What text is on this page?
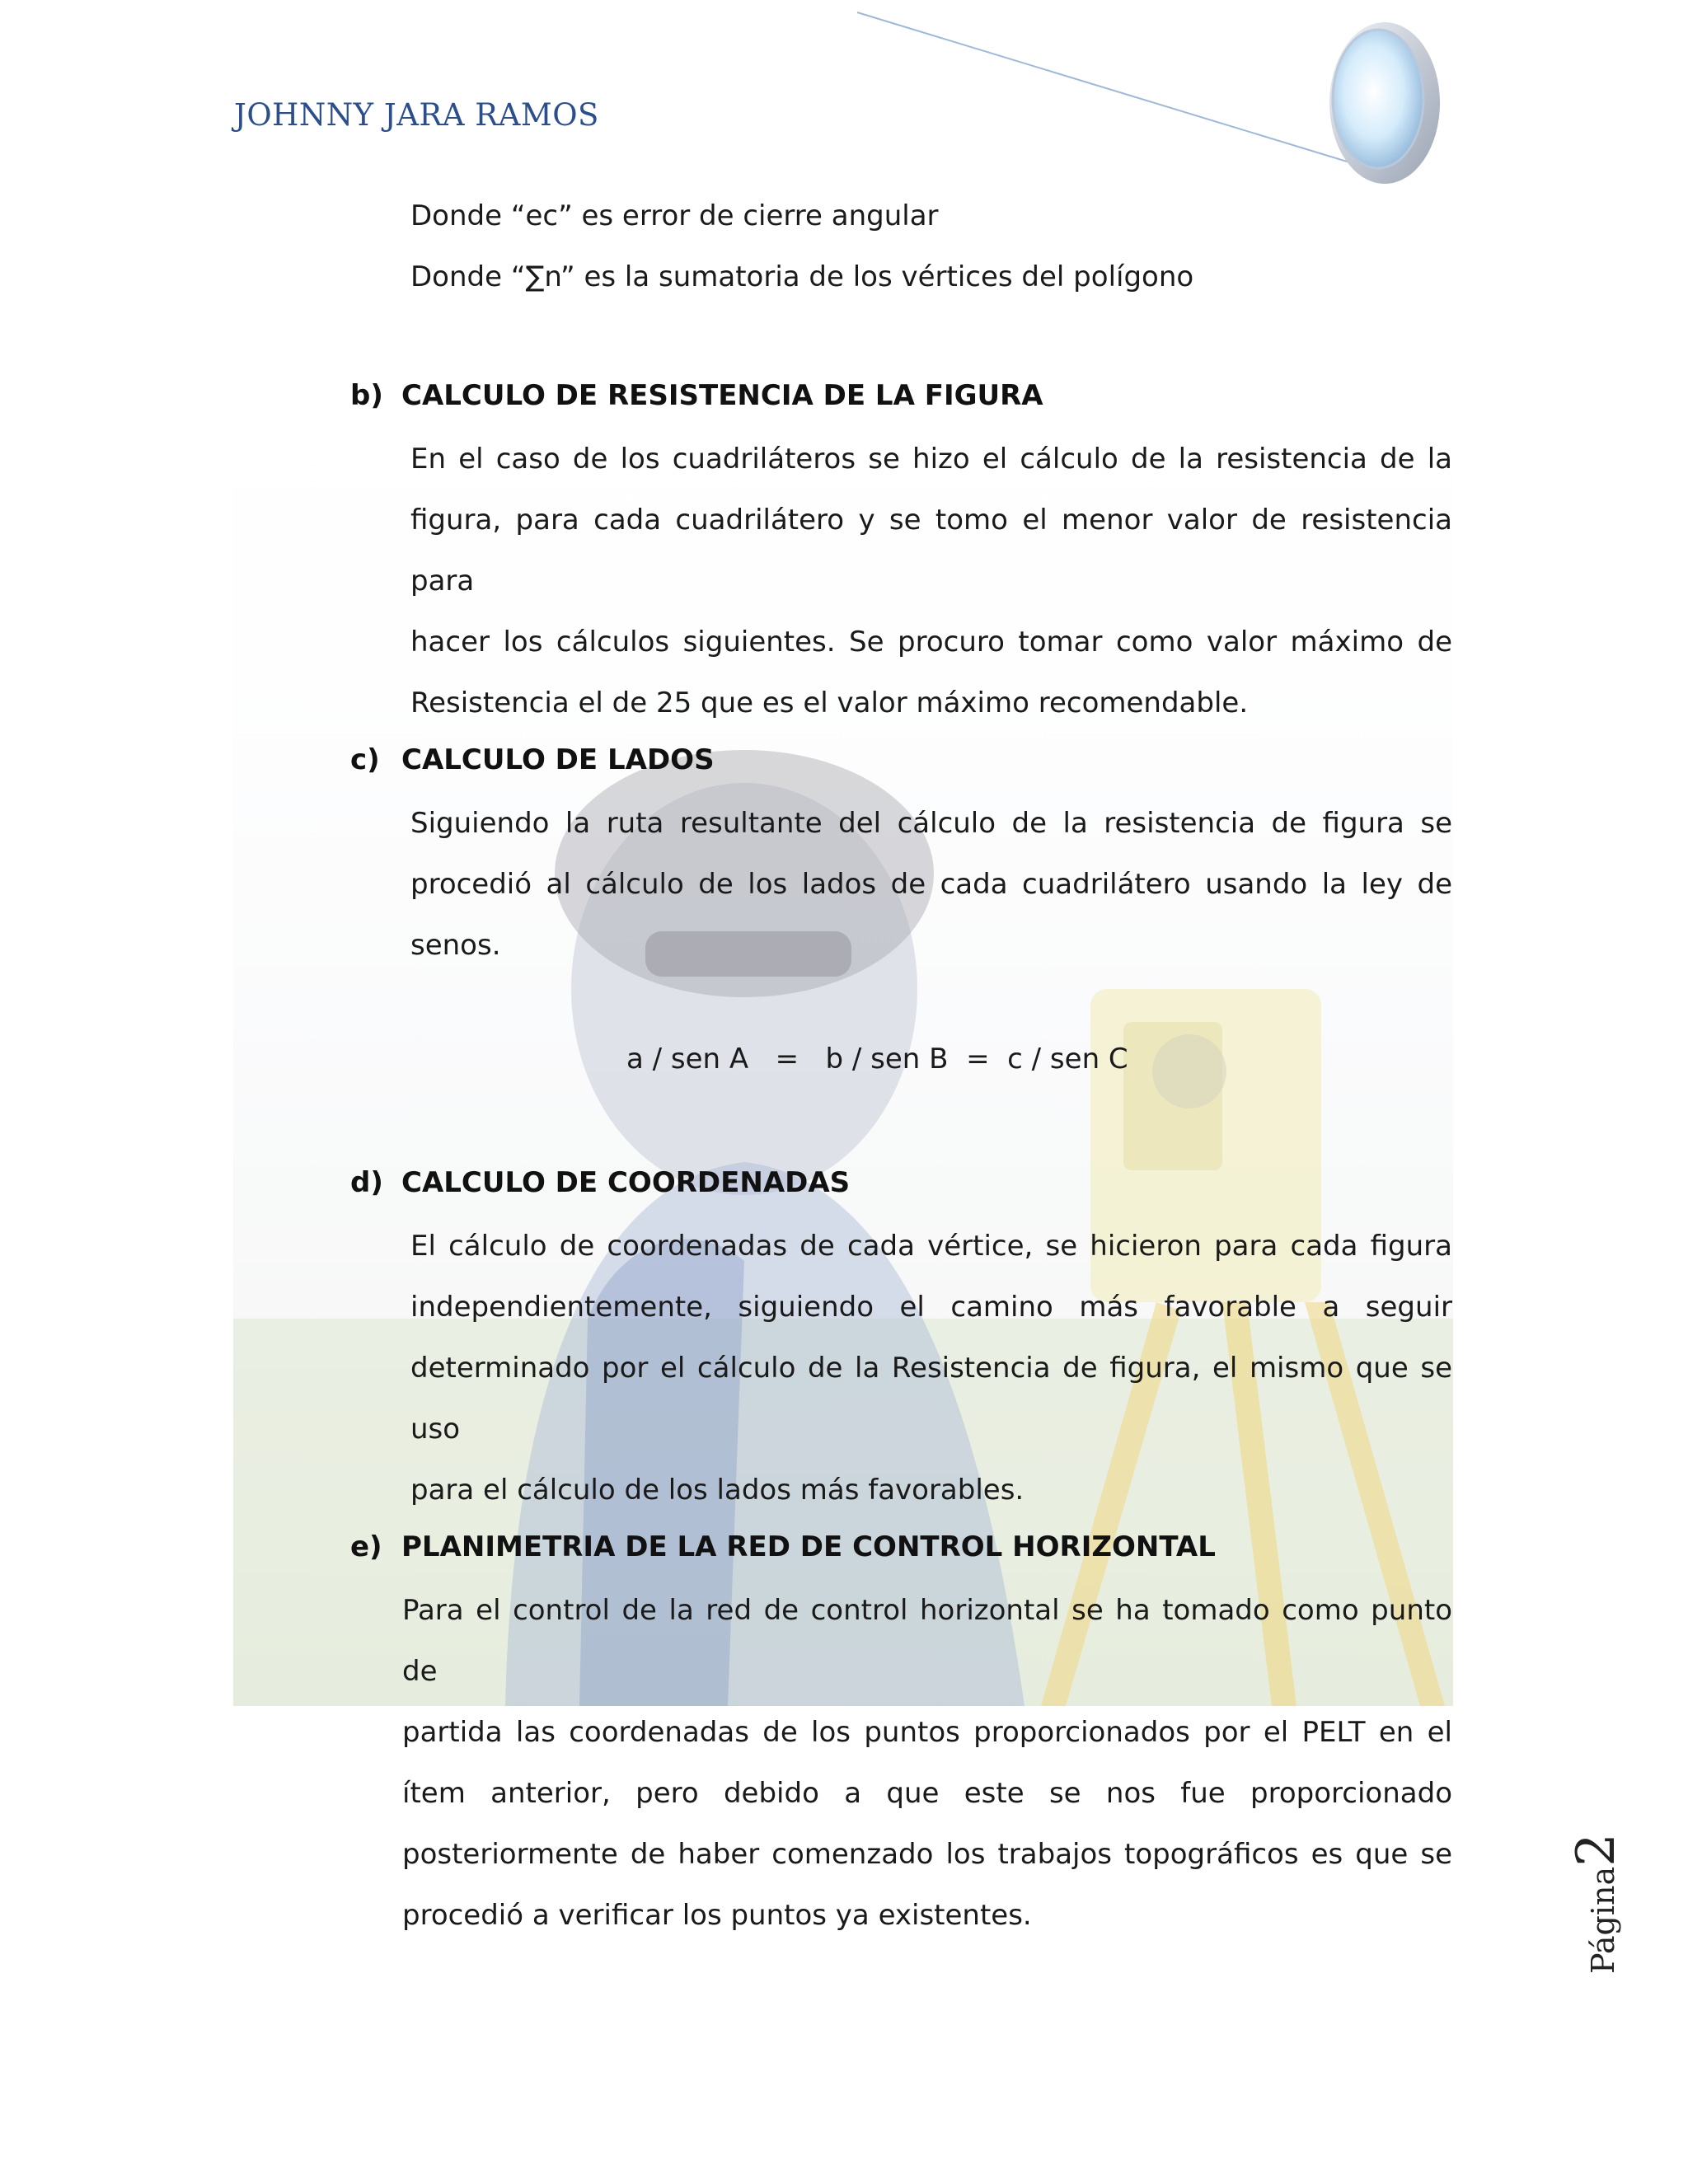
JOHNNY JARA RAMOS
Donde “ec” es error de cierre angular
Donde “∑n” es la sumatoria de los vértices del polígono
b) CALCULO DE RESISTENCIA DE LA FIGURA
En el caso de los cuadriláteros se hizo el cálculo de la resistencia de la
figura, para cada cuadrilátero y se tomo el menor valor de resistencia para
hacer los cálculos siguientes. Se procuro tomar como valor máximo de
Resistencia el de 25 que es el valor máximo recomendable.
c) CALCULO DE LADOS
Siguiendo la ruta resultante del cálculo de la resistencia de figura se
procedió al cálculo de los lados de cada cuadrilátero usando la ley de
senos.
a / sen A   =   b / sen B  =  c / sen C
d) CALCULO DE COORDENADAS
El cálculo de coordenadas de cada vértice, se hicieron para cada figura
independientemente, siguiendo el camino más favorable a seguir
determinado por el cálculo de la Resistencia de figura, el mismo que se uso
para el cálculo de los lados más favorables.
e) PLANIMETRIA DE LA RED DE CONTROL HORIZONTAL
Para el control de la red de control horizontal se ha tomado como punto de
partida las coordenadas de los puntos proporcionados por el PELT en el
ítem anterior, pero debido a que este se nos fue proporcionado
posteriormente de haber comenzado los trabajos topográficos es que se
procedió a verificar los puntos ya existentes.	Página2
